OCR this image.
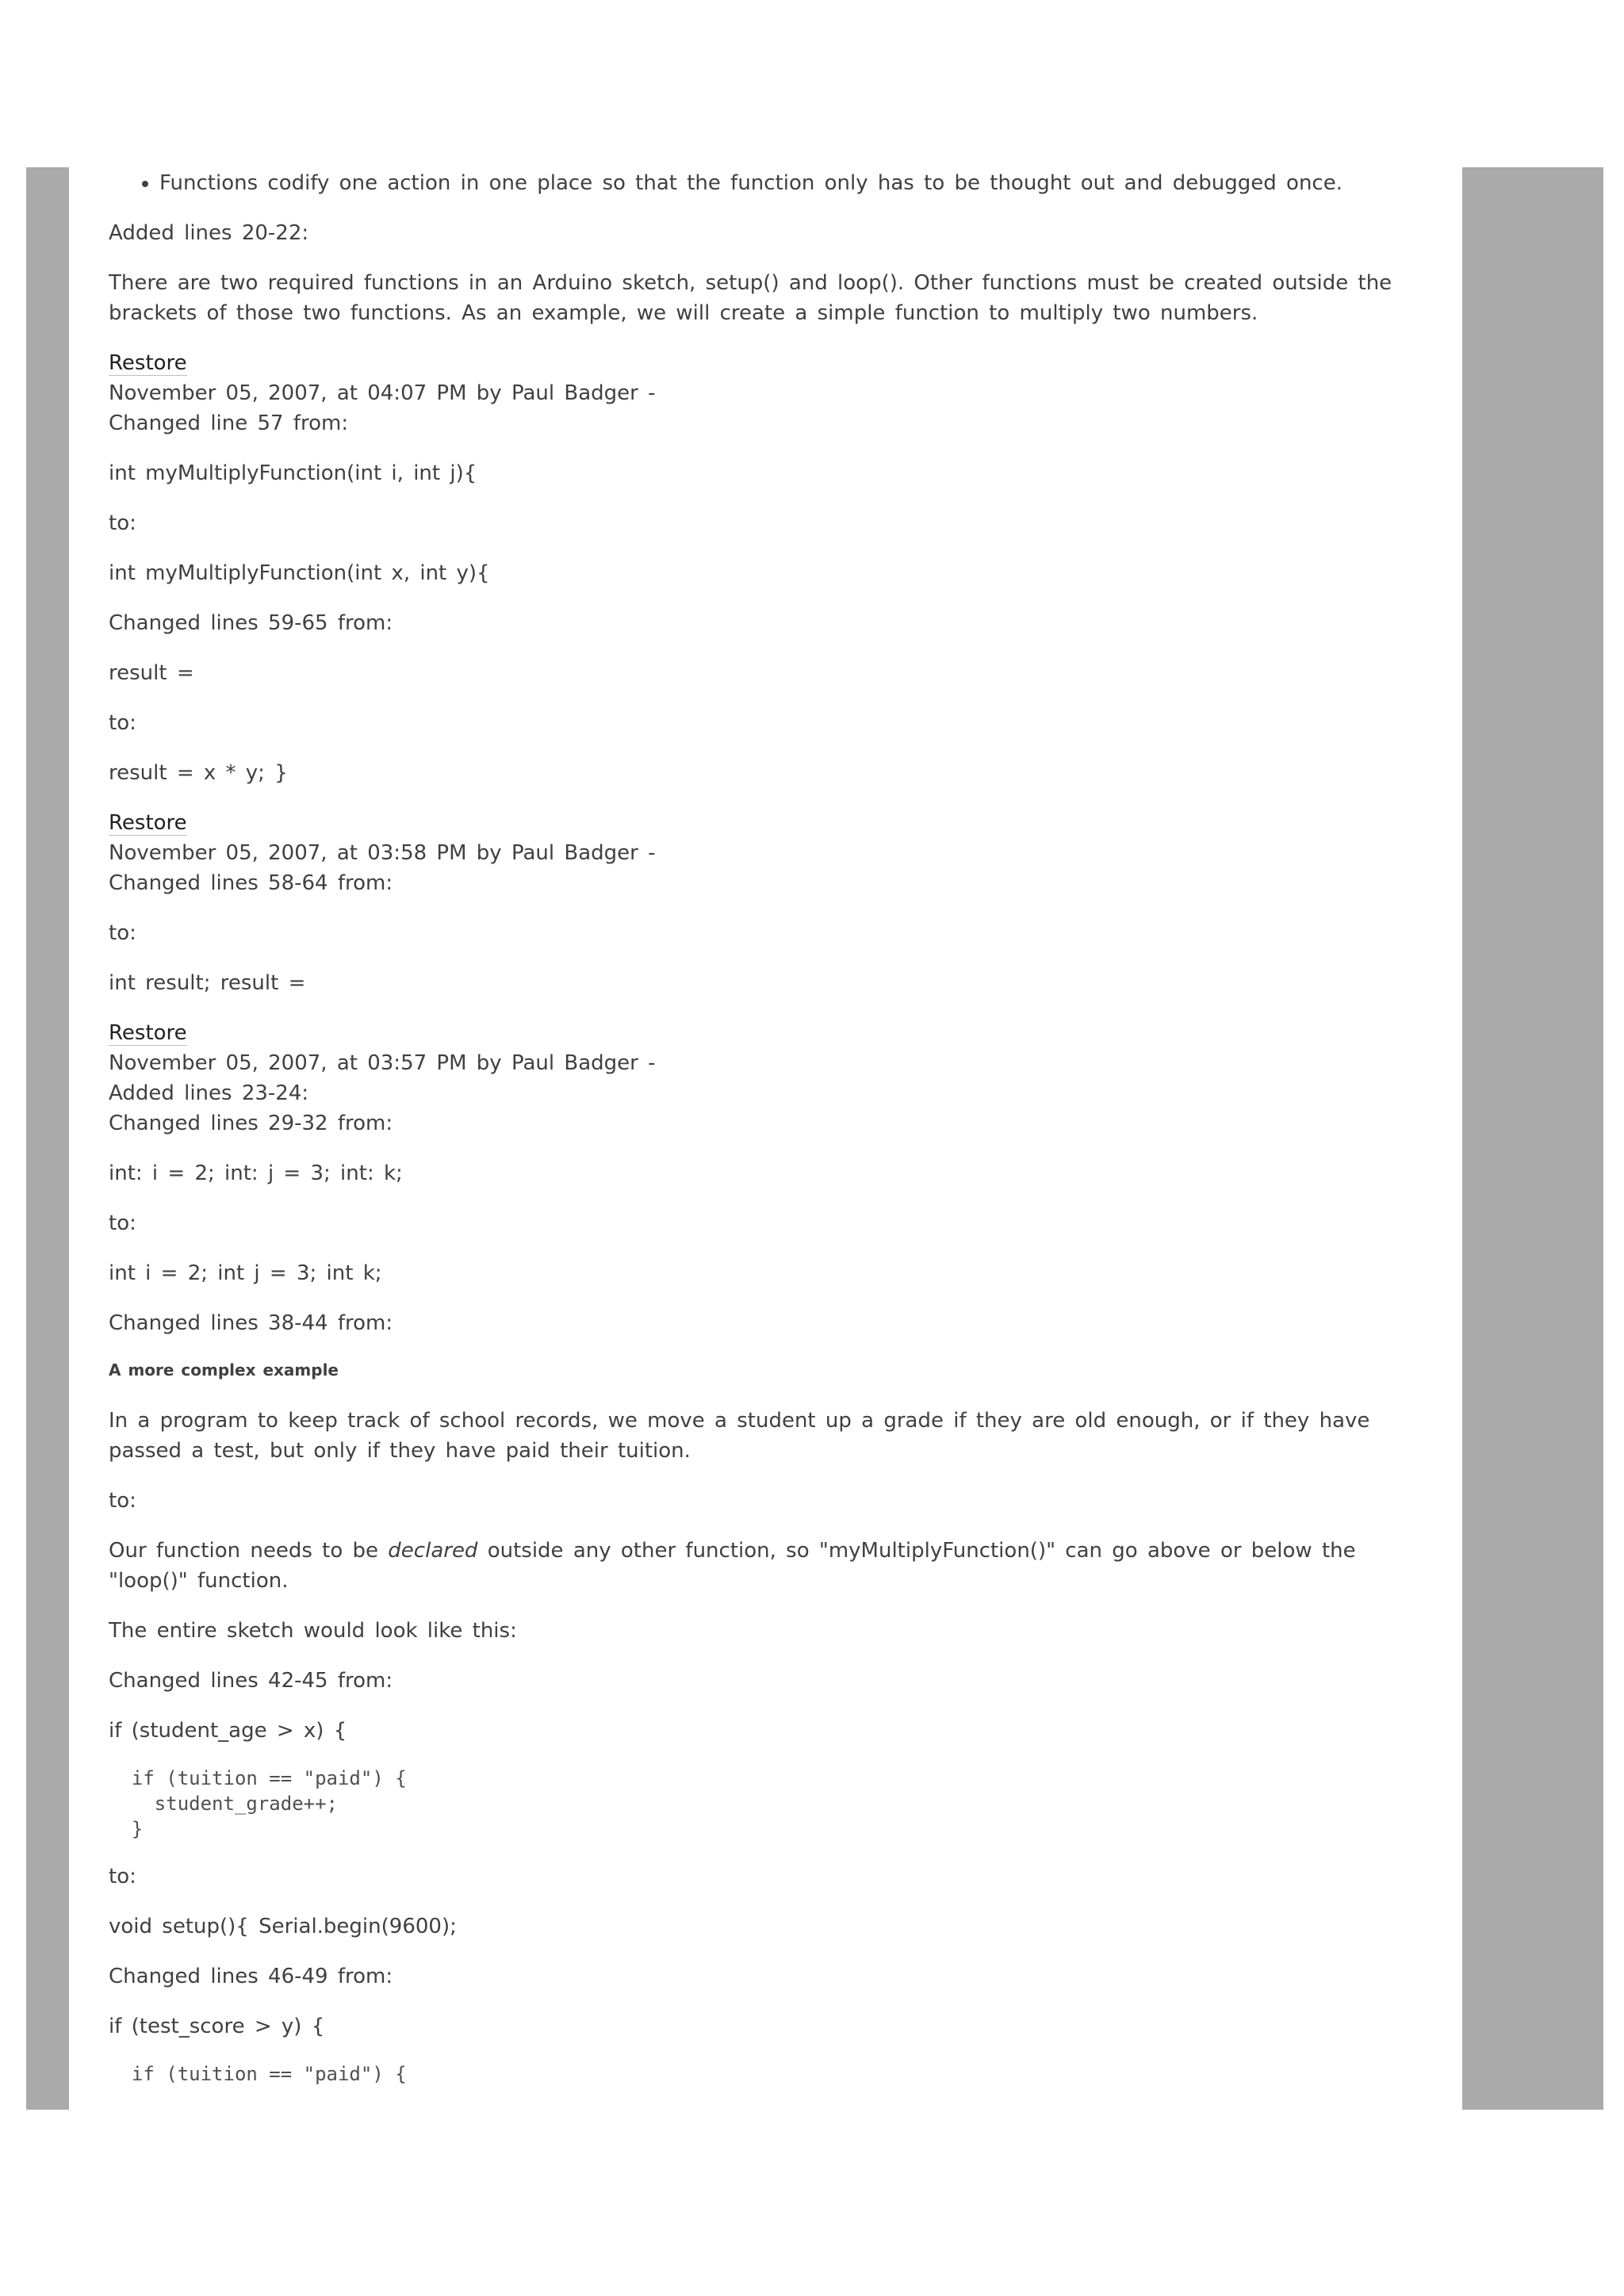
• Functions codify one action in one place so that the function only has to be thought out and debugged once.

Added lines 20-22:

There are two required functions in an Arduino sketch, setup() and loop(). Other functions must be created outside the brackets of those two functions. As an example, we will create a simple function to multiply two numbers.

Restore
November 05, 2007, at 04:07 PM by Paul Badger -
Changed line 57 from:

int myMultiplyFunction(int i, int j){

to:

int myMultiplyFunction(int x, int y){

Changed lines 59-65 from:

result =

to:

result = x * y; }

Restore
November 05, 2007, at 03:58 PM by Paul Badger -
Changed lines 58-64 from:

to:

int result; result =

Restore
November 05, 2007, at 03:57 PM by Paul Badger -
Added lines 23-24:
Changed lines 29-32 from:

int: i = 2; int: j = 3; int: k;

to:

int i = 2; int j = 3; int k;

Changed lines 38-44 from:

A more complex example

In a program to keep track of school records, we move a student up a grade if they are old enough, or if they have passed a test, but only if they have paid their tuition.

to:

Our function needs to be declared outside any other function, so "myMultiplyFunction()" can go above or below the "loop()" function.

The entire sketch would look like this:

Changed lines 42-45 from:

if (student_age > x) {

if (tuition == "paid") {
student_grade++;
}

to:

void setup(){ Serial.begin(9600);

Changed lines 46-49 from:

if (test_score > y) {

if (tuition == "paid") {
